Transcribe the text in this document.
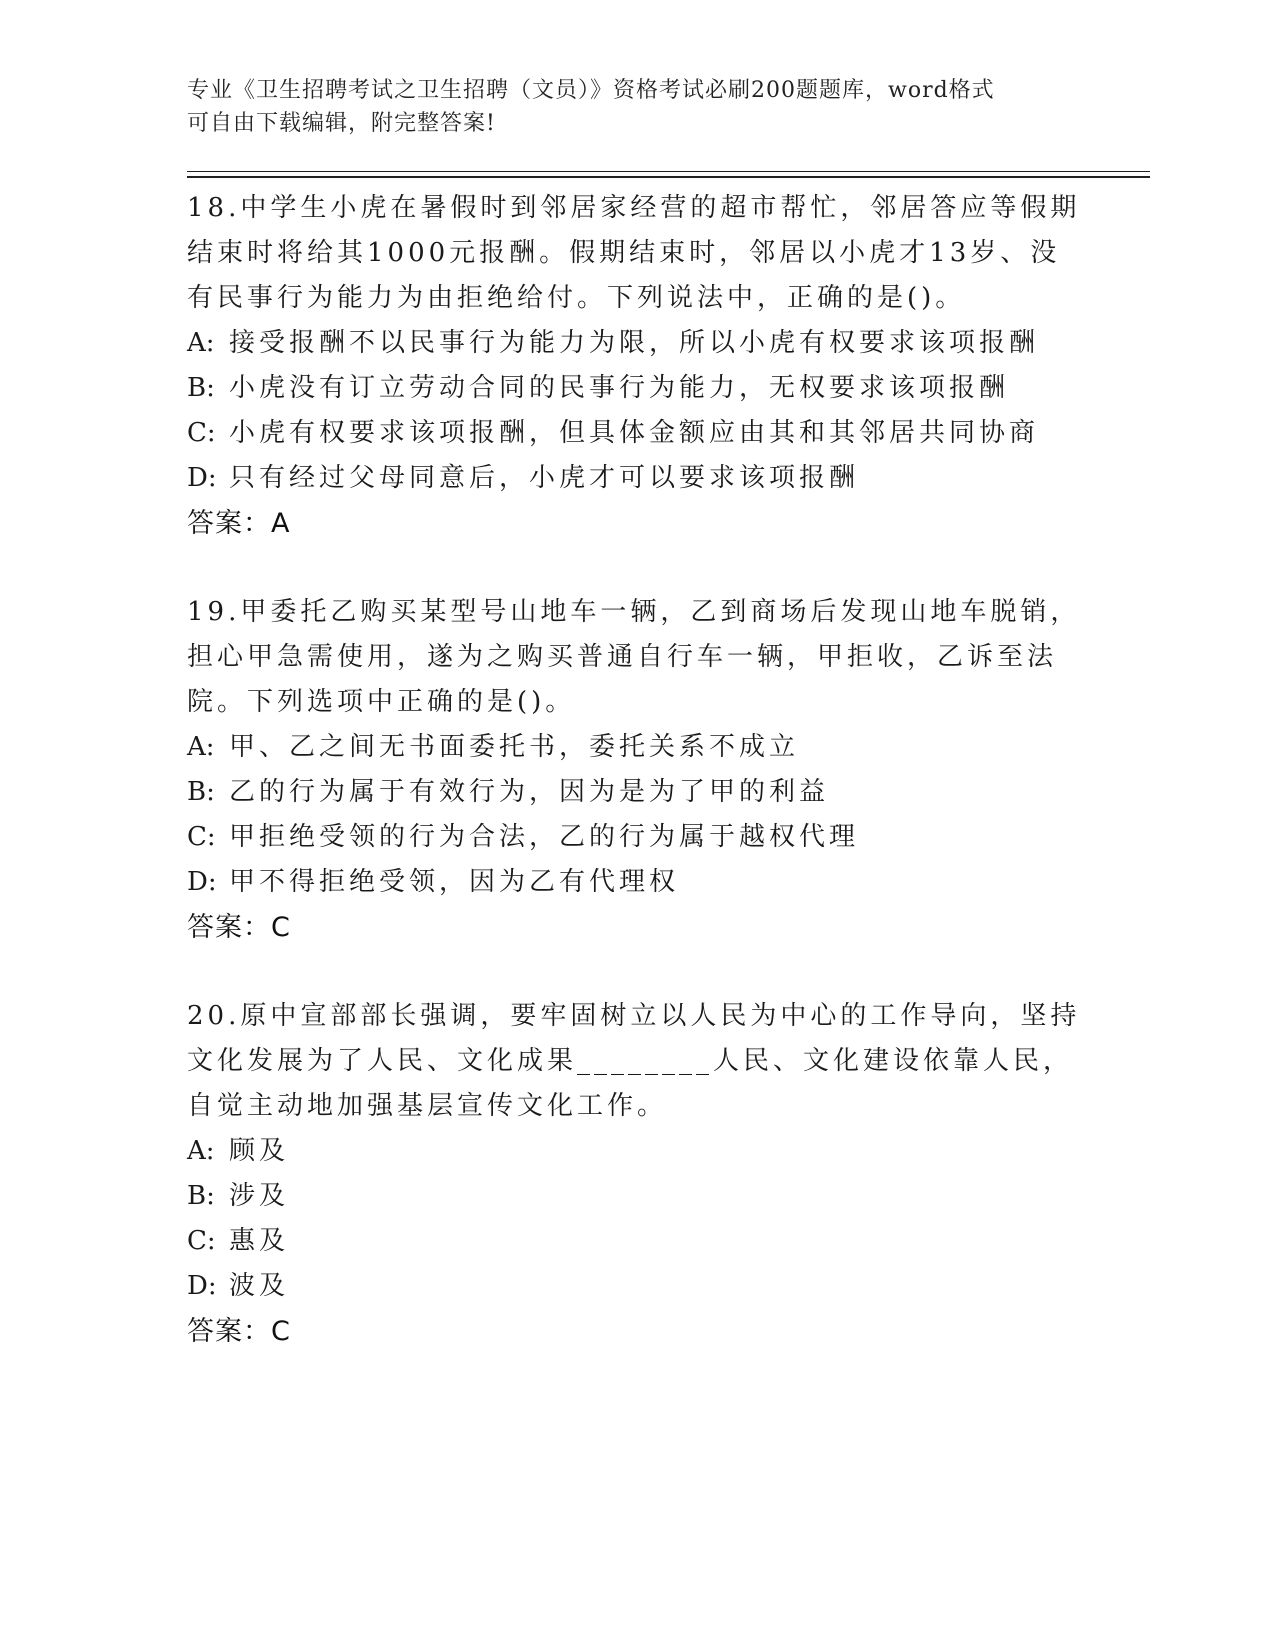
专业《卫生招聘考试之卫生招聘（文员）》资格考试必刷200题题库，word格式
可自由下载编辑，附完整答案!

18.中学生小虎在暑假时到邻居家经营的超市帮忙，邻居答应等假期结束时将给其1000元报酬。假期结束时，邻居以小虎才13岁、没有民事行为能力为由拒绝给付。下列说法中，正确的是()。

A: 接受报酬不以民事行为能力为限，所以小虎有权要求该项报酬

B: 小虎没有订立劳动合同的民事行为能力，无权要求该项报酬

C: 小虎有权要求该项报酬，但具体金额应由其和其邻居共同协商

D: 只有经过父母同意后，小虎才可以要求该项报酬

答案：A

19.甲委托乙购买某型号山地车一辆，乙到商场后发现山地车脱销，担心甲急需使用，遂为之购买普通自行车一辆，甲拒收，乙诉至法院。下列选项中正确的是()。

A: 甲、乙之间无书面委托书，委托关系不成立

B: 乙的行为属于有效行为，因为是为了甲的利益

C: 甲拒绝受领的行为合法，乙的行为属于越权代理

D: 甲不得拒绝受领，因为乙有代理权

答案：C

20.原中宣部部长强调，要牢固树立以人民为中心的工作导向，坚持文化发展为了人民、文化成果________人民、文化建设依靠人民，自觉主动地加强基层宣传文化工作。

A: 顾及

B: 涉及

C: 惠及

D: 波及

答案：C
